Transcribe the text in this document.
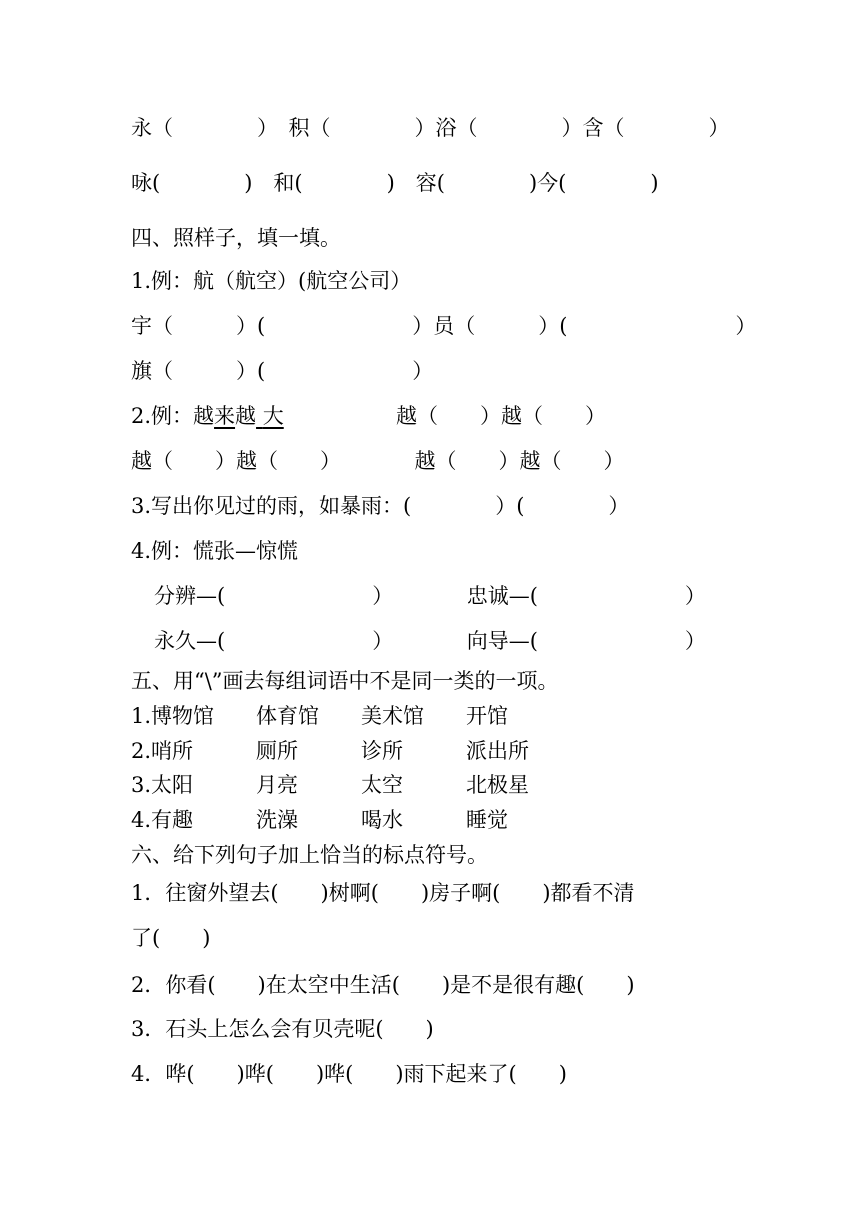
永（　　　　）　积（　　　　）浴（　　　　）含（　　　　）
咏(　　　　)　和(　　　　)　容(　　　　)今(　　　　)
四、照样子，填一填。
1.例：航（航空）(航空公司）
宇（　　　）(　　　　　　　）员（　　　）(　　　　　　　　）
旗（　　　）(　　　　　　　）
2.例：越来越 大	越（　　）越（　　）
越（　　）越（　　）　　　　越（　　）越（　　）
3.写出你见过的雨，如暴雨：(　　　　）(　　　　）
4.例：慌张—惊慌
分辨—(　　　　　　　）　　　　忠诚—(　　　　　　　）
永久—(　　　　　　　）　　　　向导—(　　　　　　　）
五、用“\”画去每组词语中不是同一类的一项。
1.博物馆　　体育馆　　美术馆　　开馆
2.哨所　　　厕所　　　诊所　　　派出所
3.太阳　　　月亮　　　太空　　　北极星
4.有趣　　　洗澡　　　喝水　　　睡觉
六、给下列句子加上恰当的标点符号。
1．往窗外望去(　　)树啊(　　)房子啊(　　)都看不清
了(　　)
2．你看(　　)在太空中生活(　　)是不是很有趣(　　)
3．石头上怎么会有贝壳呢(　　)
4．哗(　　)哗(　　)哗(　　)雨下起来了(　　)
